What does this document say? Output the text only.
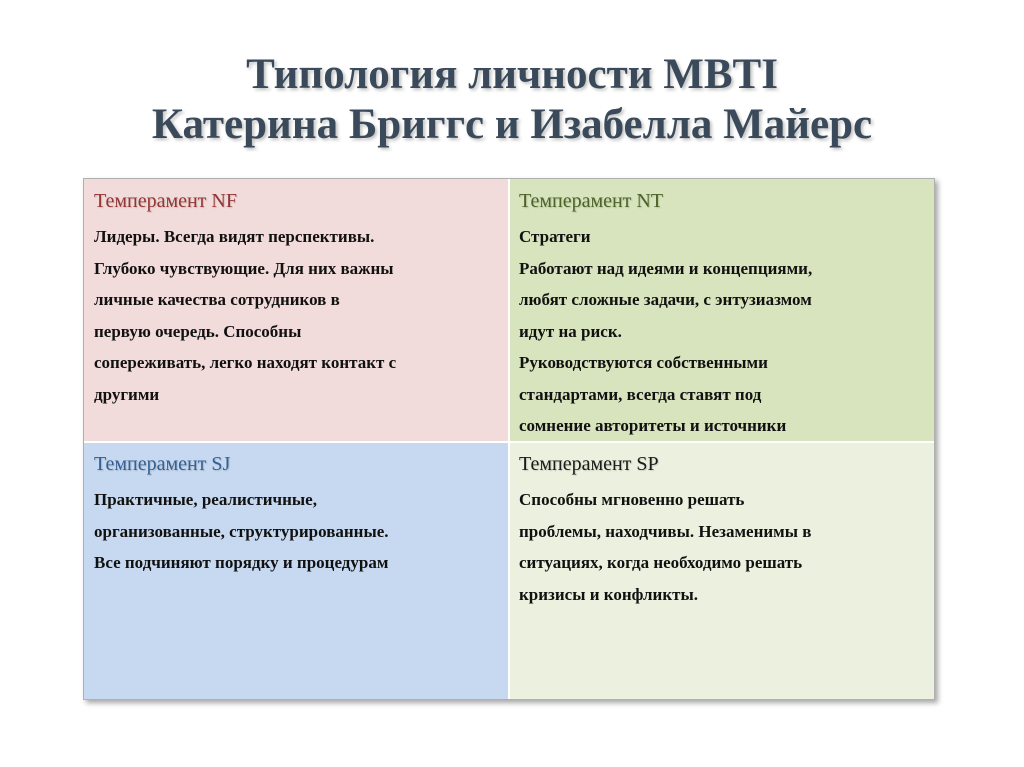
Типология личности MBTI
Катерина Бриггс и Изабелла Майерс
Темперамент NF
Лидеры. Всегда видят перспективы.
Глубоко чувствующие. Для них важны
личные качества сотрудников в
первую очередь. Способны
сопереживать, легко находят контакт с
другими
Темперамент NT
Стратеги
Работают над идеями и концепциями,
любят сложные задачи, с энтузиазмом
идут на риск.
Руководствуются собственными
стандартами, всегда ставят под
сомнение авторитеты и источники
Темперамент SJ
Практичные, реалистичные,
организованные, структурированные.
Все подчиняют порядку и процедурам
Темперамент SP
Способны мгновенно решать
проблемы, находчивы. Незаменимы в
ситуациях, когда необходимо решать
кризисы и конфликты.
